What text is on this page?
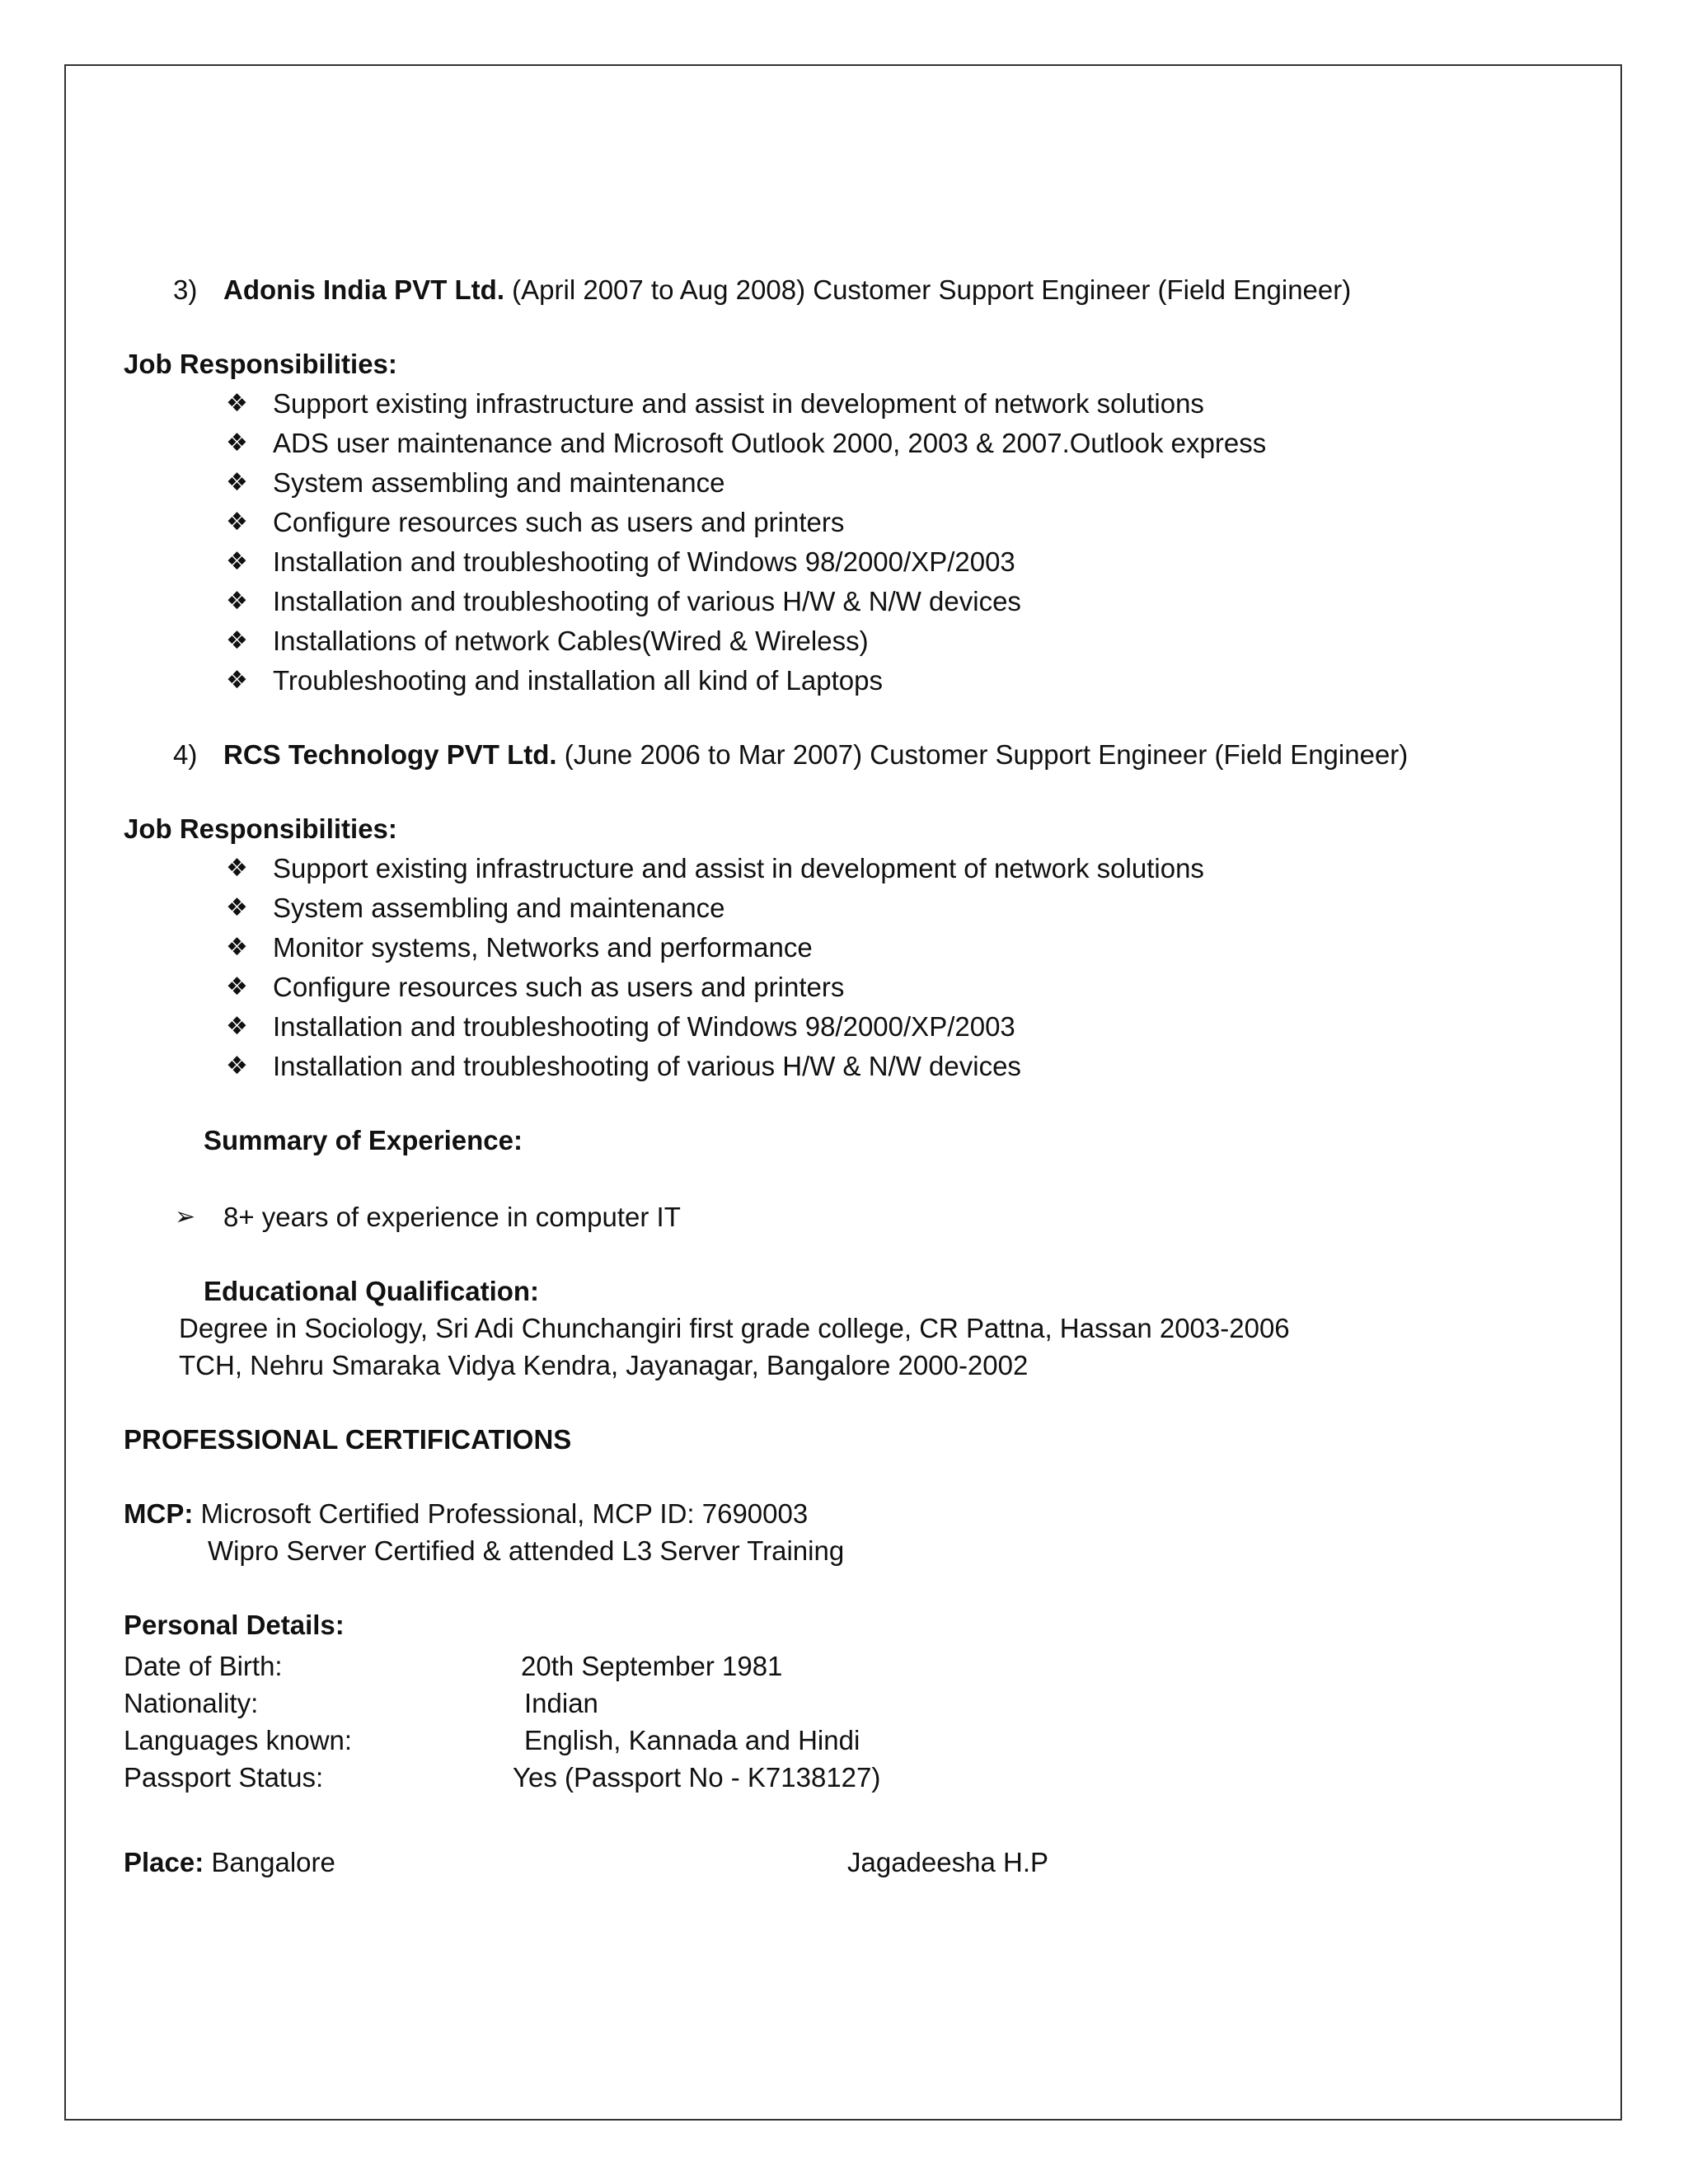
3) Adonis India PVT Ltd. (April 2007 to Aug 2008) Customer Support Engineer (Field Engineer)
Job Responsibilities:
❖ Support existing infrastructure and assist in development of network solutions
❖ ADS user maintenance and Microsoft Outlook 2000, 2003 & 2007.Outlook express
❖ System assembling and maintenance
❖ Configure resources such as users and printers
❖ Installation and troubleshooting of Windows 98/2000/XP/2003
❖ Installation and troubleshooting of various H/W & N/W devices
❖ Installations of network Cables(Wired & Wireless)
❖ Troubleshooting and installation all kind of Laptops
4) RCS Technology PVT Ltd. (June 2006 to Mar 2007) Customer Support Engineer (Field Engineer)
Job Responsibilities:
❖ Support existing infrastructure and assist in development of network solutions
❖ System assembling and maintenance
❖ Monitor systems, Networks and performance
❖ Configure resources such as users and printers
❖ Installation and troubleshooting of Windows 98/2000/XP/2003
❖ Installation and troubleshooting of various H/W & N/W devices
Summary of Experience:
➢ 8+ years of experience in computer IT
Educational Qualification:
Degree in Sociology, Sri Adi Chunchangiri first grade college, CR Pattna, Hassan 2003-2006
TCH, Nehru Smaraka Vidya Kendra, Jayanagar, Bangalore 2000-2002
PROFESSIONAL CERTIFICATIONS
MCP: Microsoft Certified Professional, MCP ID: 7690003
Wipro Server Certified & attended L3 Server Training
Personal Details:
Date of Birth:	20th September 1981
Nationality:	Indian
Languages known:	English, Kannada and Hindi
Passport Status:	Yes (Passport No - K7138127)
Place: Bangalore	Jagadeesha H.P
